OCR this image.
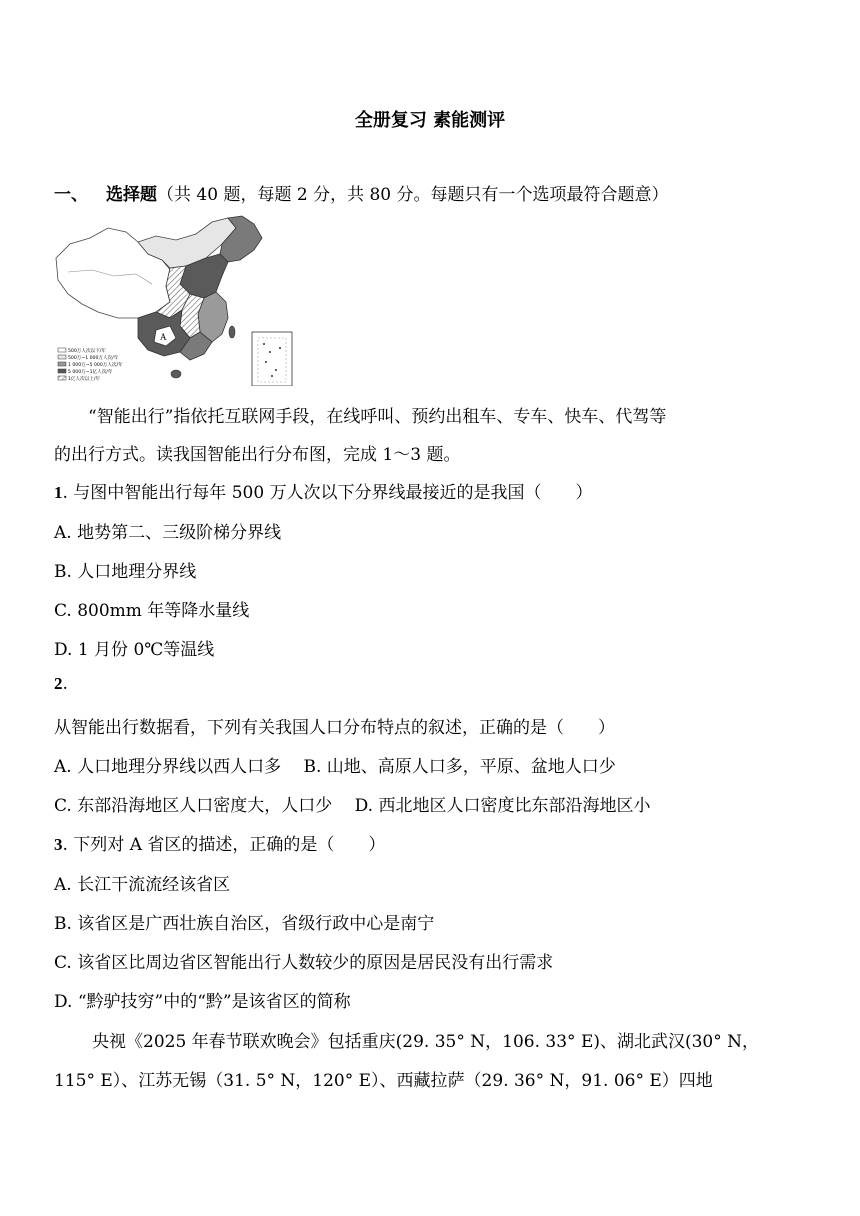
全册复习 素能测评
一、 选择题（共 40 题，每题 2 分，共 80 分。每题只有一个选项最符合题意）
A
500万人次以下/年
500万~1 000万人次/年
1 000万~5 000万人次/年
5 000万~1亿人次/年
1亿人次以上/年
“智能出行”指依托互联网手段，在线呼叫、预约出租车、专车、快车、代驾等
的出行方式。读我国智能出行分布图，完成 1～3 题。
1. 与图中智能出行每年 500 万人次以下分界线最接近的是我国（　　）
A. 地势第二、三级阶梯分界线
B. 人口地理分界线
C. 800mm 年等降水量线
D. 1 月份 0℃等温线
2.
从智能出行数据看，下列有关我国人口分布特点的叙述，正确的是（　　）
A. 人口地理分界线以西人口多　 B. 山地、高原人口多，平原、盆地人口少
C. 东部沿海地区人口密度大，人口少　 D. 西北地区人口密度比东部沿海地区小
3. 下列对 A 省区的描述，正确的是（　　）
A. 长江干流流经该省区
B. 该省区是广西壮族自治区，省级行政中心是南宁
C. 该省区比周边省区智能出行人数较少的原因是居民没有出行需求
D. “黔驴技穷”中的“黔”是该省区的简称
央视《2025 年春节联欢晚会》包括重庆(29. 35° N，106. 33° E)、湖北武汉(30° N，
115° E）、江苏无锡（31. 5° N，120° E）、西藏拉萨（29. 36° N，91. 06° E）四地
